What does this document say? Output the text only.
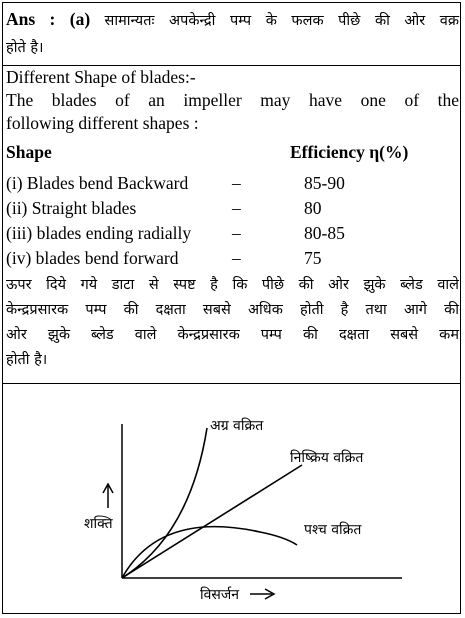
Ans : (a) सामान्यतः अपकेन्द्री पम्प के फलक पीछे की ओर वक्र
होते है।
Different Shape of blades:-
The blades of an impeller may have one of the
following different shapes :
Shape	Efficiency η(%)
(i) Blades bend Backward	–	85-90
(ii) Straight blades	–	80
(iii) blades ending radially –	80-85
(iv) blades bend forward	–	75
ऊपर दिये गये डाटा से स्पष्ट है कि पीछे की ओर झुके ब्लेड वाले
केन्द्रप्रसारक पम्प की दक्षता सबसे अधिक होती है तथा आगे की
ओर झुके ब्लेड वाले केन्द्रप्रसारक पम्प की दक्षता सबसे कम
होती है।
अग्र वक्रित
निष्क्रिय वक्रित
पश्च वक्रित
शक्ति
विसर्जन
